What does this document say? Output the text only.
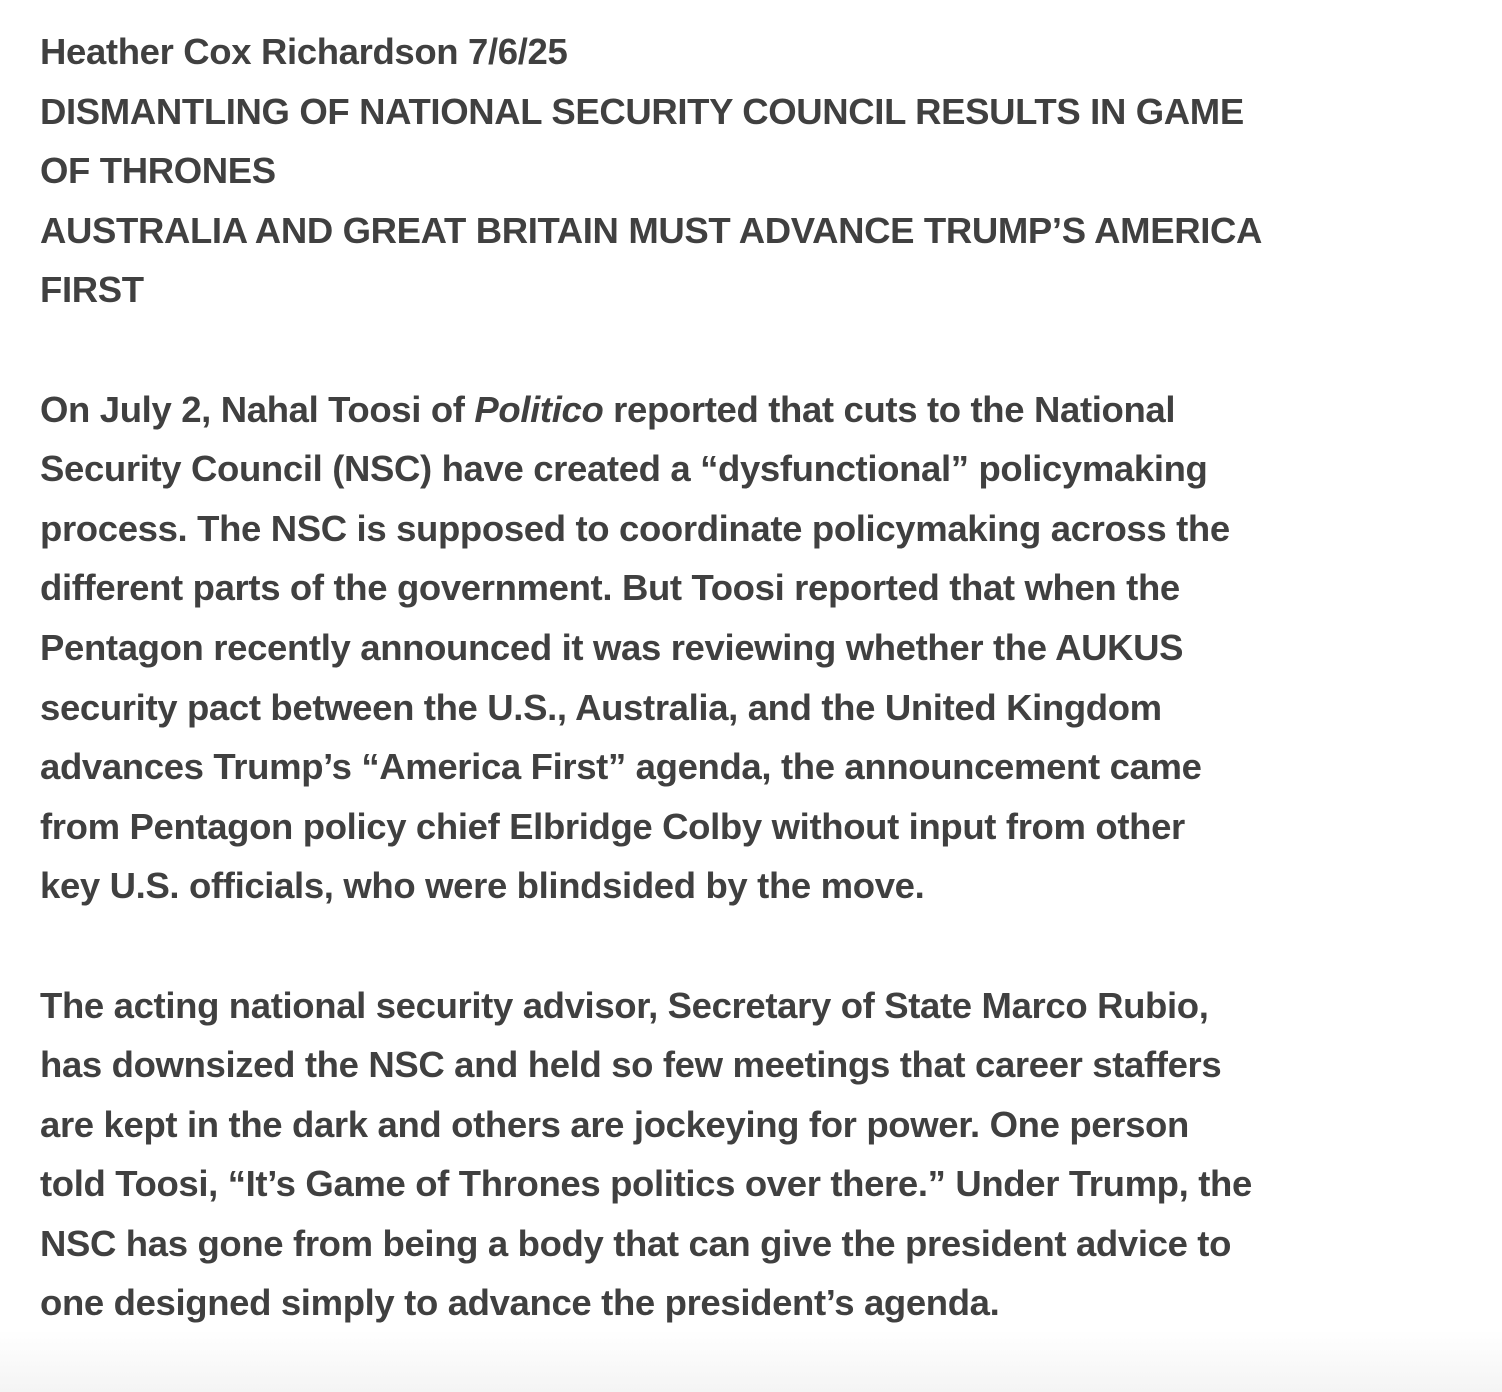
Heather Cox Richardson 7/6/25
DISMANTLING OF NATIONAL SECURITY COUNCIL RESULTS IN GAME
OF THRONES
AUSTRALIA AND GREAT BRITAIN MUST ADVANCE TRUMP’S AMERICA
FIRST
On July 2, Nahal Toosi of Politico reported that cuts to the National
Security Council (NSC) have created a “dysfunctional” policymaking
process. The NSC is supposed to coordinate policymaking across the
different parts of the government. But Toosi reported that when the
Pentagon recently announced it was reviewing whether the AUKUS
security pact between the U.S., Australia, and the United Kingdom
advances Trump’s “America First” agenda, the announcement came
from Pentagon policy chief Elbridge Colby without input from other
key U.S. officials, who were blindsided by the move.
The acting national security advisor, Secretary of State Marco Rubio,
has downsized the NSC and held so few meetings that career staffers
are kept in the dark and others are jockeying for power. One person
told Toosi, “It’s Game of Thrones politics over there.” Under Trump, the
NSC has gone from being a body that can give the president advice to
one designed simply to advance the president’s agenda.
